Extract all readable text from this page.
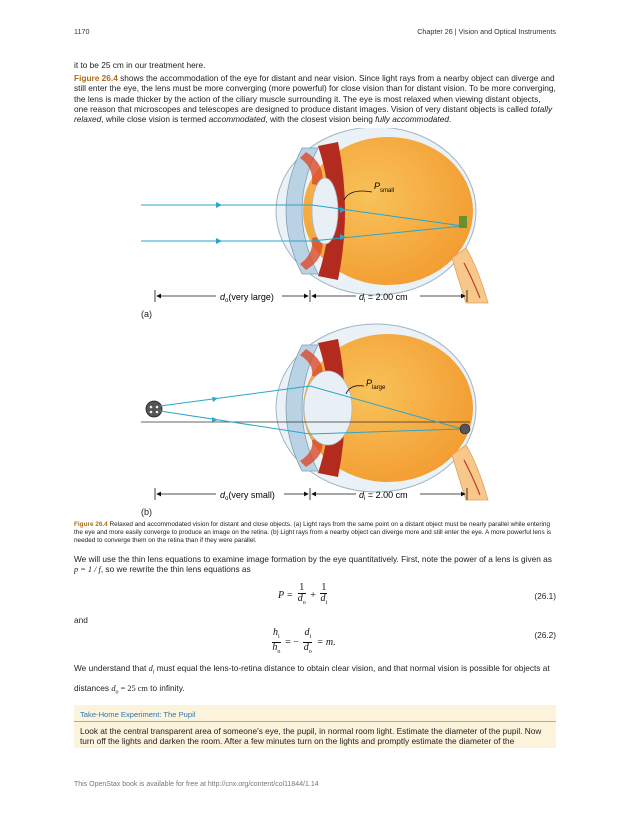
1170	Chapter 26 | Vision and Optical Instruments
it to be 25 cm in our treatment here.
Figure 26.4 shows the accommodation of the eye for distant and near vision. Since light rays from a nearby object can diverge and still enter the eye, the lens must be more converging (more powerful) for close vision than for distant vision. To be more converging, the lens is made thicker by the action of the ciliary muscle surrounding it. The eye is most relaxed when viewing distant objects, one reason that microscopes and telescopes are designed to produce distant images. Vision of very distant objects is called totally relaxed, while close vision is termed accommodated, with the closest vision being fully accommodated.
$P_{small}$
$d_o(very$ large)	$d_i = 2.00$ cm
$P_{large}$
$d_o(very$ small)	$d_i = 2.00$ cm
(a)
(b)
Figure 26.4 Relaxed and accommodated vision for distant and close objects. (a) Light rays from the same point on a distant object must be nearly parallel while entering the eye and more easily converge to produce an image on the retina. (b) Light rays from a nearby object can diverge more and still enter the eye. A more powerful lens is needed to converge them on the retina than if they were parallel.
We will use the thin lens equations to examine image formation by the eye quantitatively. First, note the power of a lens is given as p = 1 / f, so we rewrite the thin lens equations as
$P = \frac{1}{d_o} + \frac{1}{d_i}$	(26.1)
and
$\frac{h_i}{h_o}$ = − $\frac{d_i}{d_o} = m$.
(26.2)
We understand that $d_i$ must equal the lens-to-retina distance to obtain clear vision, and that normal vision is possible for objects at distances $d_o = 25$ cm to infinity.
Take-Home Experiment: The Pupil
Look at the central transparent area of someone's eye, the pupil, in normal room light. Estimate the diameter of the pupil. Now turn off the lights and darken the room. After a few minutes turn on the lights and promptly estimate the diameter of the
This OpenStax book is available for free at http://cnx.org/content/col11844/1.14
